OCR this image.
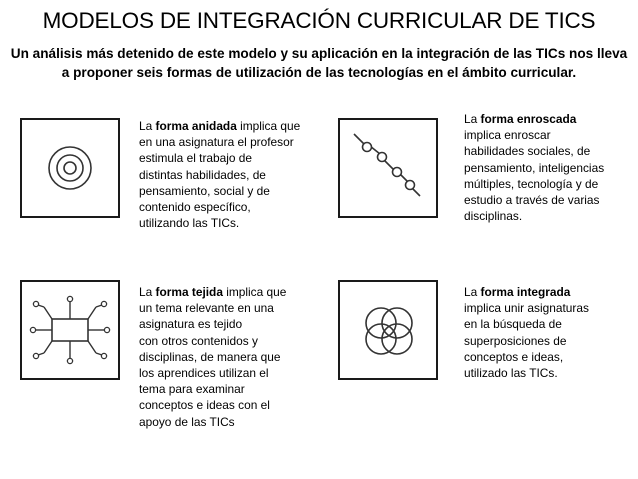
MODELOS DE INTEGRACIÓN CURRICULAR DE TICS
Un análisis más detenido de este modelo y su aplicación en la integración de las TICs nos lleva a proponer seis formas de utilización de las tecnologías en el ámbito curricular.
La forma anidada implica que
en una asignatura el profesor
estimula el trabajo de
distintas habilidades, de
pensamiento, social y de
contenido específico,
utilizando las TICs.
La forma enroscada
implica enroscar
habilidades sociales, de
pensamiento, inteligencias
múltiples, tecnología y de
estudio a través de varias
disciplinas.
La forma tejida implica que
un tema relevante en una
asignatura es tejido
con otros contenidos y
disciplinas, de manera que
los aprendices utilizan el
tema para examinar
conceptos e ideas con el
apoyo de las TICs
La forma integrada
implica unir asignaturas
en la búsqueda de
superposiciones de
conceptos e ideas,
utilizado las TICs.
